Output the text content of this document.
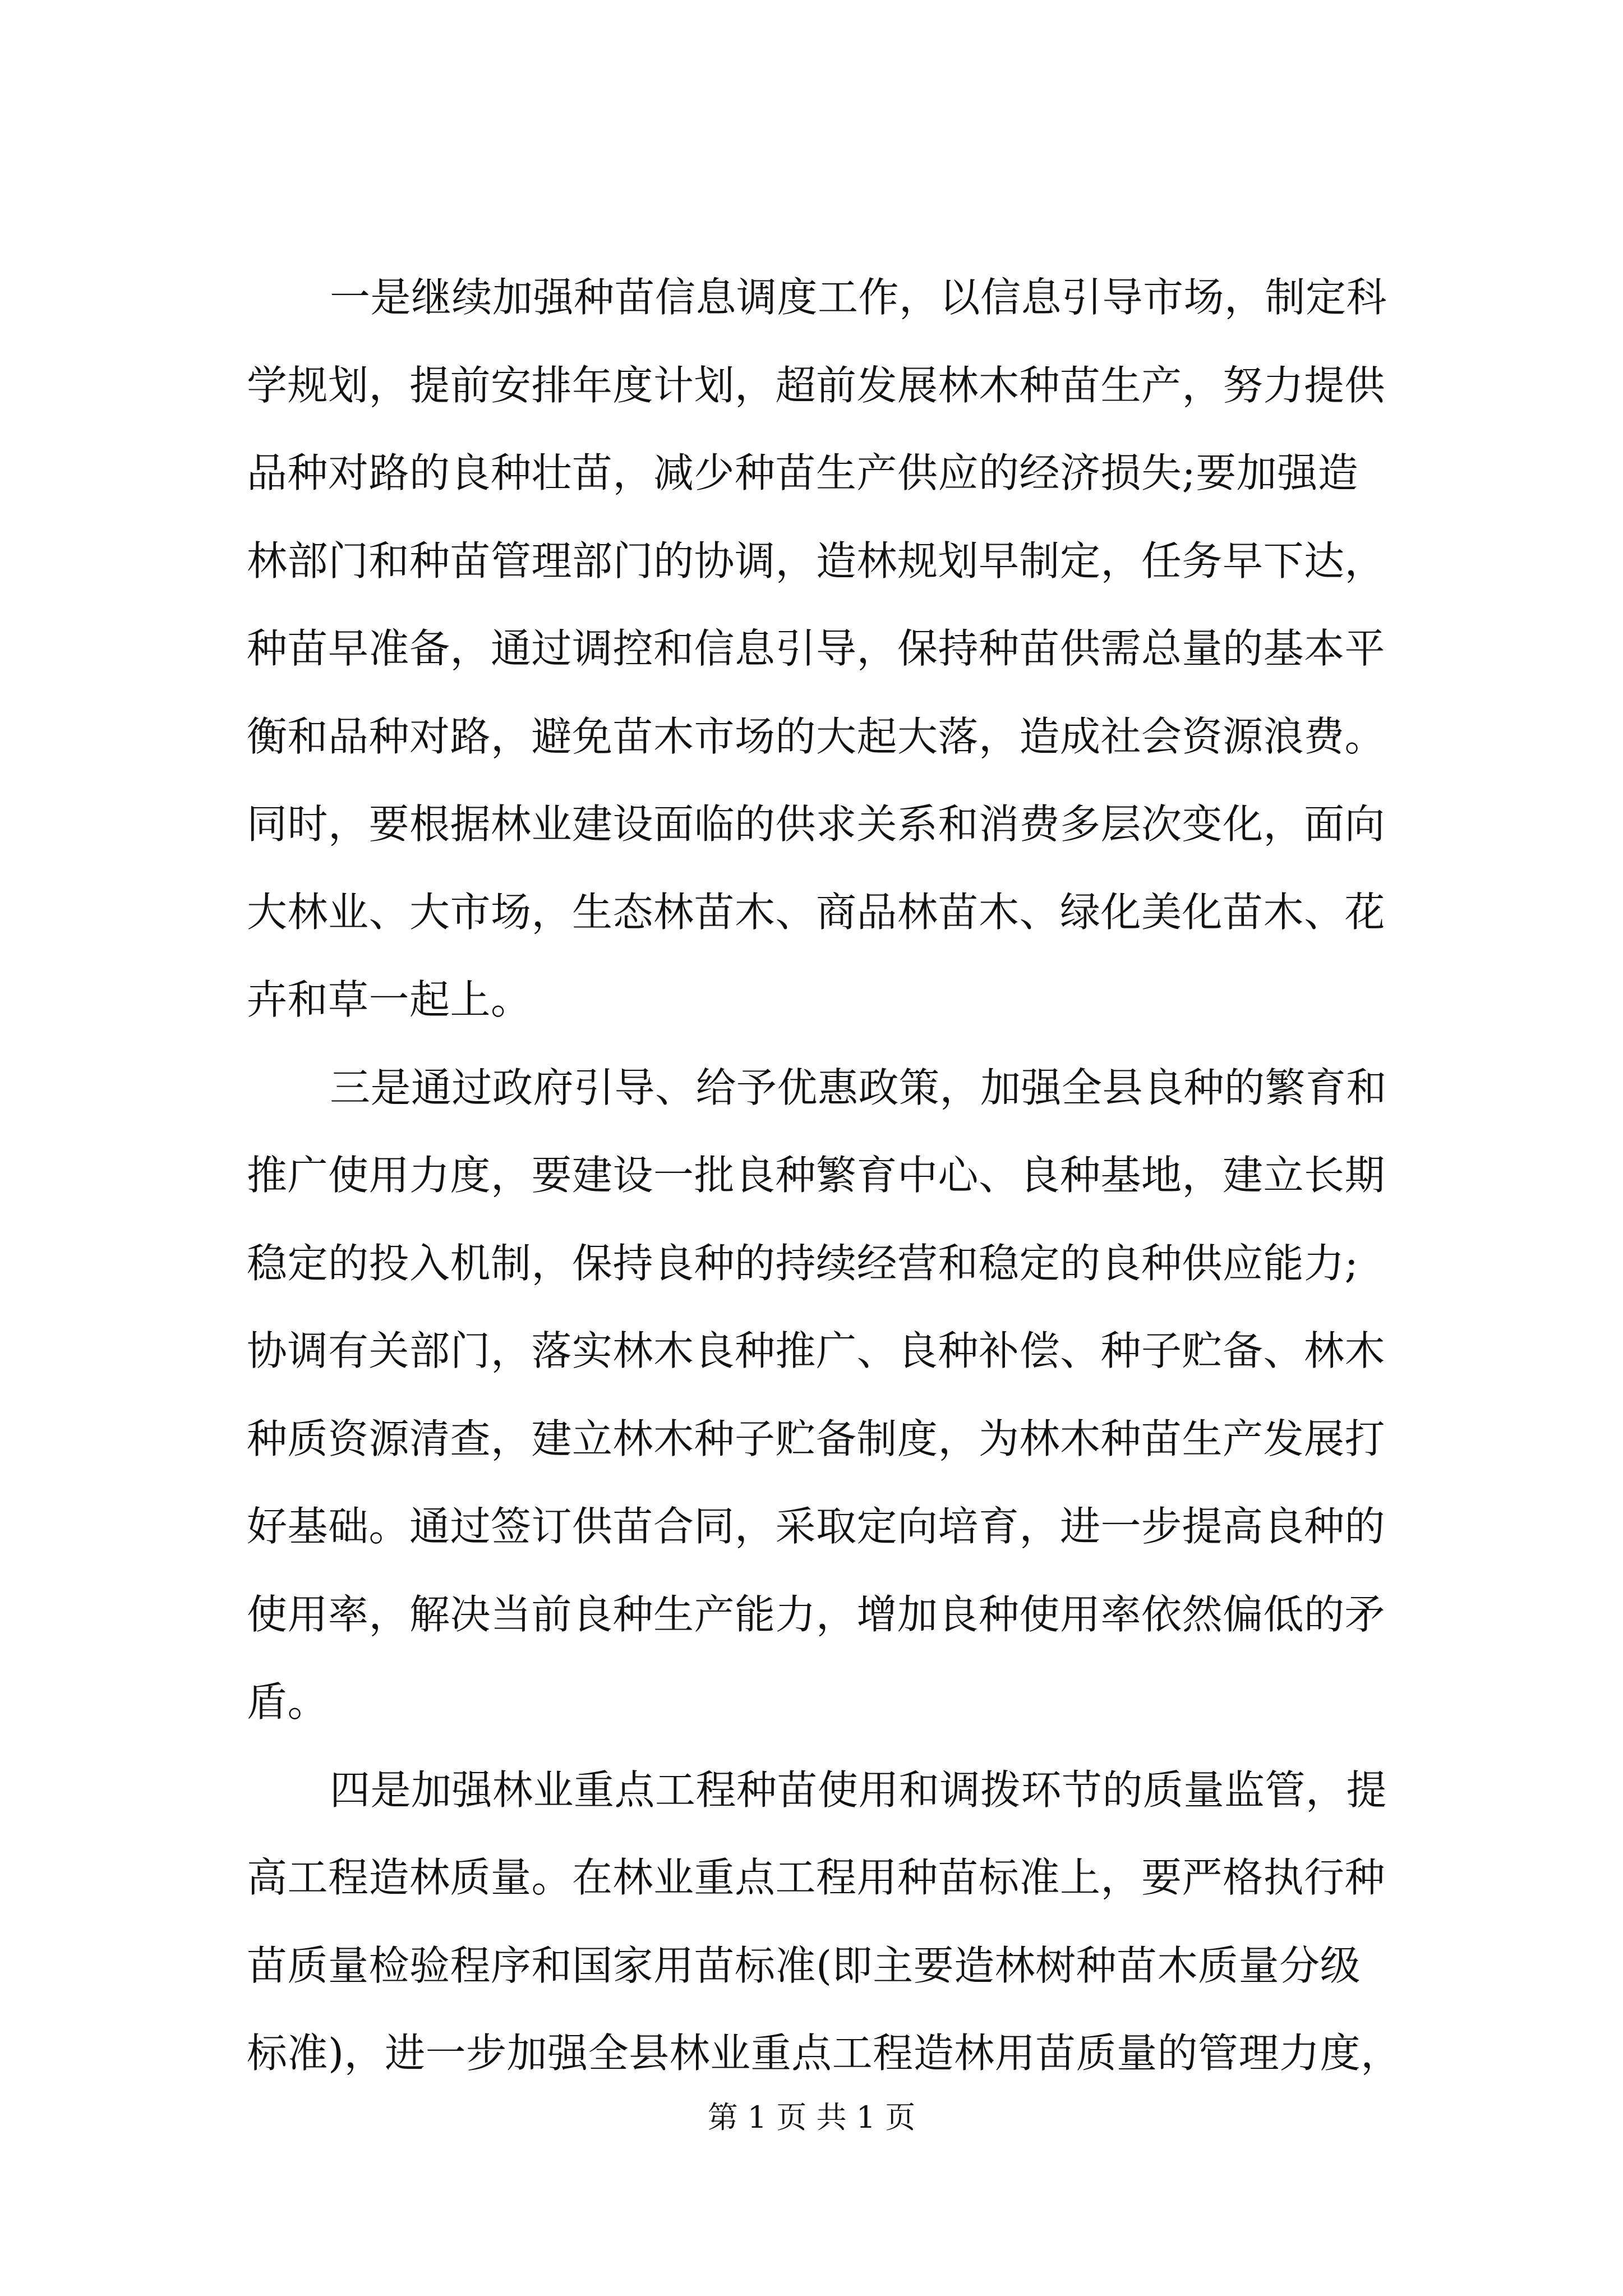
一是继续加强种苗信息调度工作，以信息引导市场，制定科
学规划，提前安排年度计划，超前发展林木种苗生产，努力提供
品种对路的良种壮苗，减少种苗生产供应的经济损失;要加强造
林部门和种苗管理部门的协调，造林规划早制定，任务早下达，
种苗早准备，通过调控和信息引导，保持种苗供需总量的基本平
衡和品种对路，避免苗木市场的大起大落，造成社会资源浪费。
同时，要根据林业建设面临的供求关系和消费多层次变化，面向
大林业、大市场，生态林苗木、商品林苗木、绿化美化苗木、花
卉和草一起上。
三是通过政府引导、给予优惠政策，加强全县良种的繁育和
推广使用力度，要建设一批良种繁育中心、良种基地，建立长期
稳定的投入机制，保持良种的持续经营和稳定的良种供应能力;
协调有关部门，落实林木良种推广、良种补偿、种子贮备、林木
种质资源清查，建立林木种子贮备制度，为林木种苗生产发展打
好基础。通过签订供苗合同，采取定向培育，进一步提高良种的
使用率，解决当前良种生产能力，增加良种使用率依然偏低的矛
盾。
四是加强林业重点工程种苗使用和调拨环节的质量监管，提
高工程造林质量。在林业重点工程用种苗标准上，要严格执行种
苗质量检验程序和国家用苗标准(即主要造林树种苗木质量分级
标准)，进一步加强全县林业重点工程造林用苗质量的管理力度，
第 1 页 共 1 页
